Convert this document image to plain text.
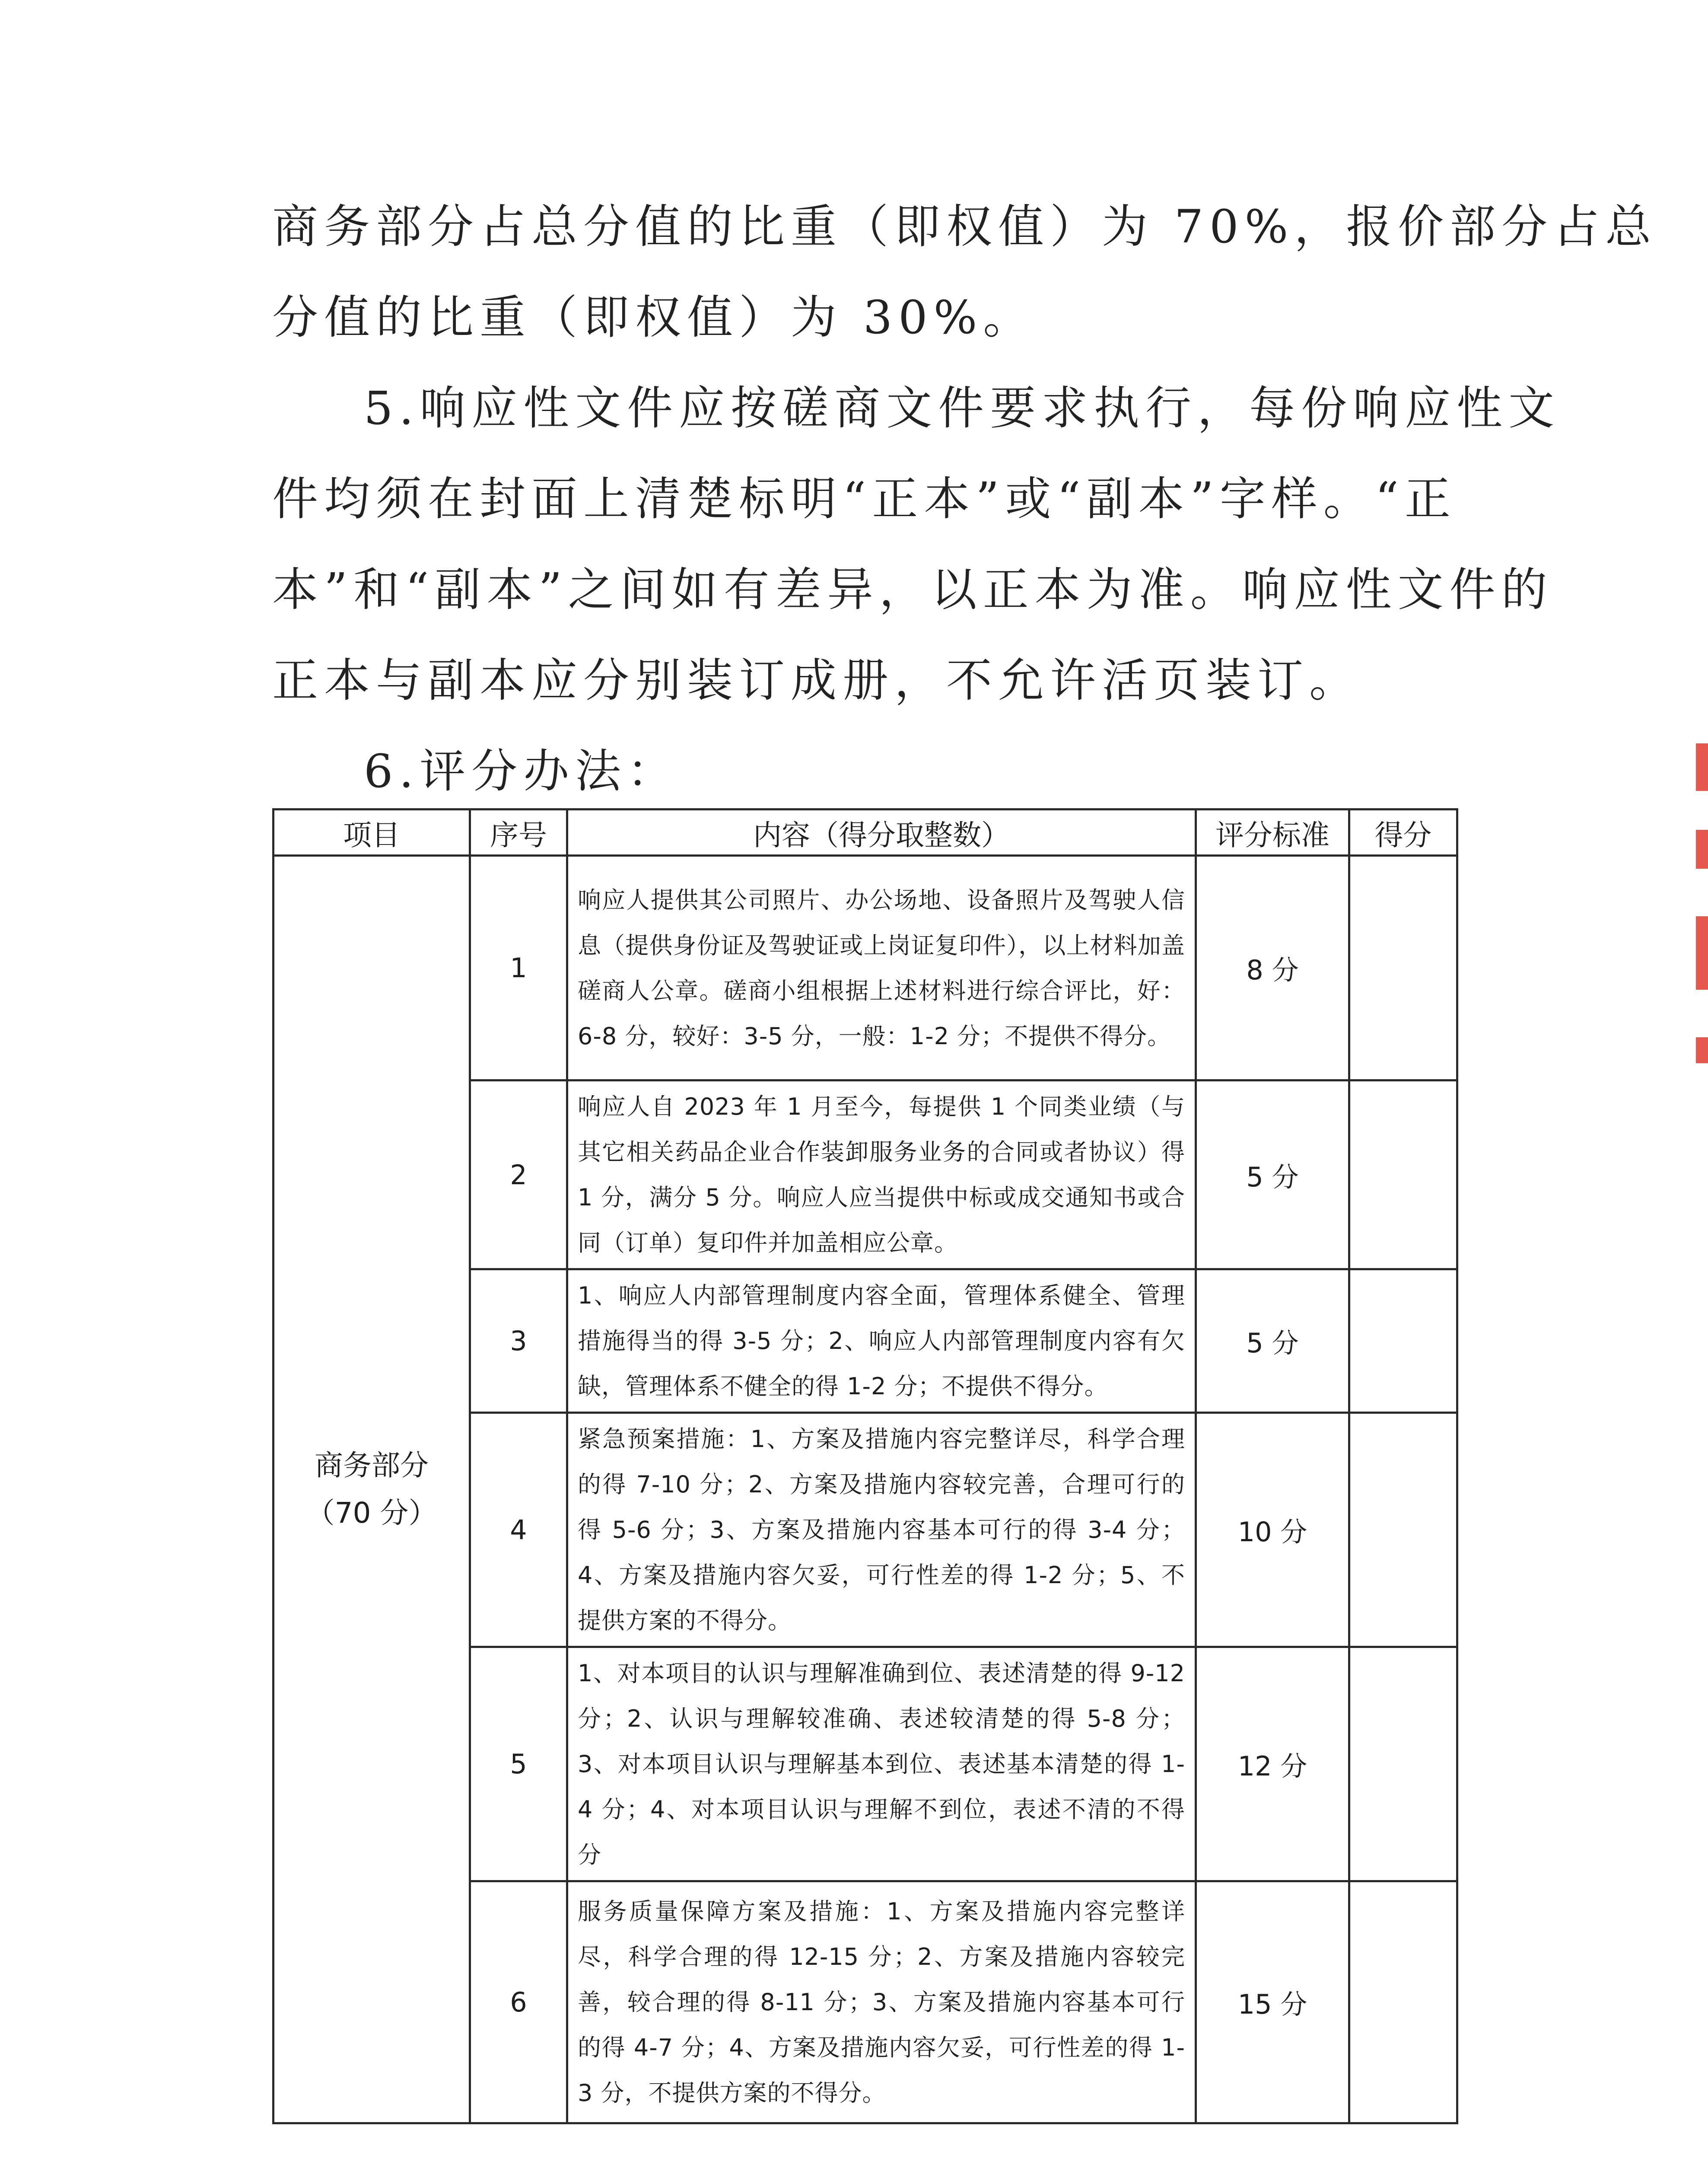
商务部分占总分值的比重（即权值）为 70%，报价部分占总
分值的比重（即权值）为 30%。
5.响应性文件应按磋商文件要求执行，每份响应性文
件均须在封面上清楚标明“正本”或“副本”字样。“正
本”和“副本”之间如有差异，以正本为准。响应性文件的
正本与副本应分别装订成册，不允许活页装订。
6.评分办法：
项目	序号	内容（得分取整数）	评分标准	得分

商务部分
（70 分）	1	响应人提供其公司照片、办公场地、设备照片及驾驶人信息（提供身份证及驾驶证或上岗证复印件），以上材料加盖磋商人公章。磋商小组根据上述材料进行综合评比，好：6-8 分，较好：3-5 分，一般：1-2 分；不提供不得分。	8 分	
	2	响应人自 2023 年 1 月至今，每提供 1 个同类业绩（与其它相关药品企业合作装卸服务业务的合同或者协议）得 1 分，满分 5 分。响应人应当提供中标或成交通知书或合同（订单）复印件并加盖相应公章。	5 分	
	3	1、响应人内部管理制度内容全面，管理体系健全、管理措施得当的得 3-5 分；2、响应人内部管理制度内容有欠缺，管理体系不健全的得 1-2 分；不提供不得分。	5 分	
	4	紧急预案措施：1、方案及措施内容完整详尽，科学合理的得 7-10 分；2、方案及措施内容较完善，合理可行的得 5-6 分；3、方案及措施内容基本可行的得 3-4 分；4、方案及措施内容欠妥，可行性差的得 1-2 分；5、不提供方案的不得分。	10 分	
	5	1、对本项目的认识与理解准确到位、表述清楚的得 9-12 分；2、认识与理解较准确、表述较清楚的得 5-8 分；3、对本项目认识与理解基本到位、表述基本清楚的得 1-4 分；4、对本项目认识与理解不到位，表述不清的不得分	12 分	
	6	服务质量保障方案及措施：1、方案及措施内容完整详尽，科学合理的得 12-15 分；2、方案及措施内容较完善，较合理的得 8-11 分；3、方案及措施内容基本可行的得 4-7 分；4、方案及措施内容欠妥，可行性差的得 1-3 分，不提供方案的不得分。	15 分	
